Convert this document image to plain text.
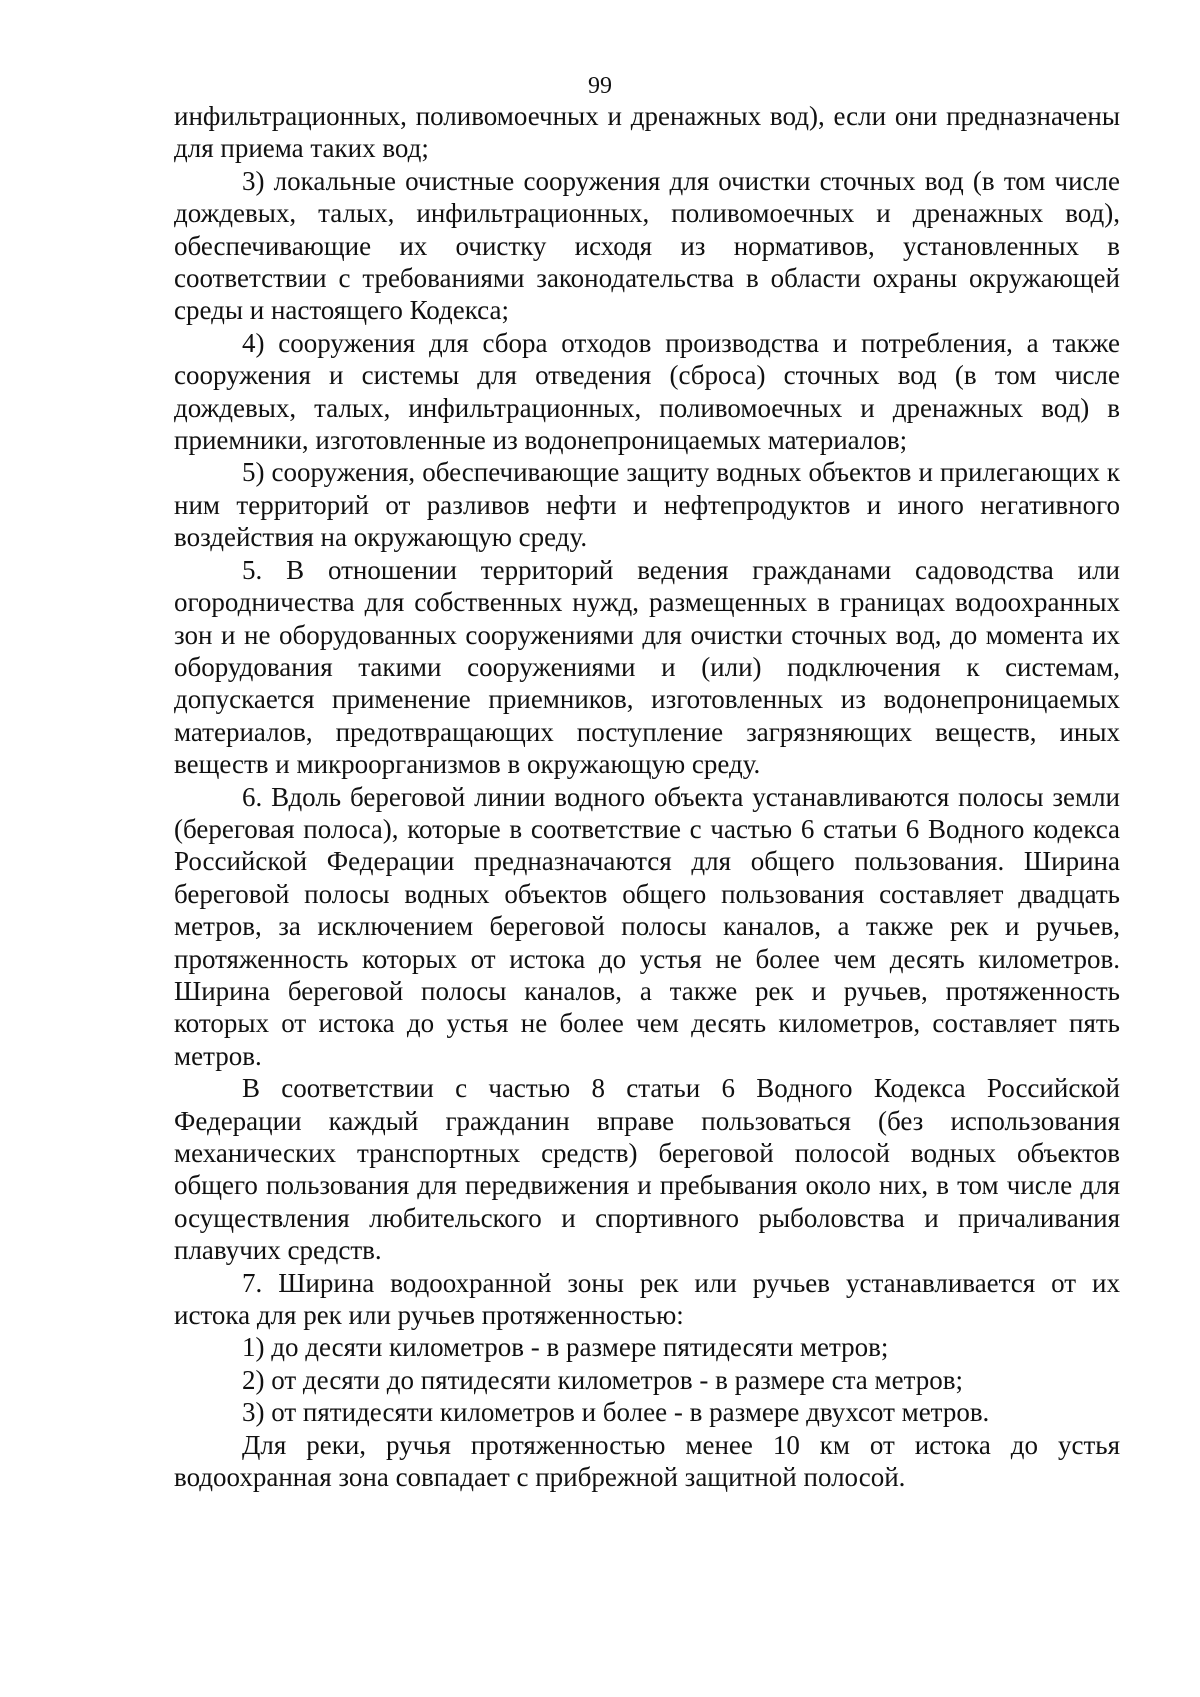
99

инфильтрационных, поливомоечных и дренажных вод), если они предназначены для приема таких вод;

3) локальные очистные сооружения для очистки сточных вод (в том числе дождевых, талых, инфильтрационных, поливомоечных и дренажных вод), обеспечивающие их очистку исходя из нормативов, установленных в соответствии с требованиями законодательства в области охраны окружающей среды и настоящего Кодекса;

4) сооружения для сбора отходов производства и потребления, а также сооружения и системы для отведения (сброса) сточных вод (в том числе дождевых, талых, инфильтрационных, поливомоечных и дренажных вод) в приемники, изготовленные из водонепроницаемых материалов;

5) сооружения, обеспечивающие защиту водных объектов и прилегающих к ним территорий от разливов нефти и нефтепродуктов и иного негативного воздействия на окружающую среду.

5. В отношении территорий ведения гражданами садоводства или огородничества для собственных нужд, размещенных в границах водоохранных зон и не оборудованных сооружениями для очистки сточных вод, до момента их оборудования такими сооружениями и (или) подключения к системам, допускается применение приемников, изготовленных из водонепроницаемых материалов, предотвращающих поступление загрязняющих веществ, иных веществ и микроорганизмов в окружающую среду.

6. Вдоль береговой линии водного объекта устанавливаются полосы земли (береговая полоса), которые в соответствие с частью 6 статьи 6 Водного кодекса Российской Федерации предназначаются для общего пользования. Ширина береговой полосы водных объектов общего пользования составляет двадцать метров, за исключением береговой полосы каналов, а также рек и ручьев, протяженность которых от истока до устья не более чем десять километров. Ширина береговой полосы каналов, а также рек и ручьев, протяженность которых от истока до устья не более чем десять километров, составляет пять метров.

В соответствии с частью 8 статьи 6 Водного Кодекса Российской Федерации каждый гражданин вправе пользоваться (без использования механических транспортных средств) береговой полосой водных объектов общего пользования для передвижения и пребывания около них, в том числе для осуществления любительского и спортивного рыболовства и причаливания плавучих средств.

7. Ширина водоохранной зоны рек или ручьев устанавливается от их истока для рек или ручьев протяженностью:

1) до десяти километров - в размере пятидесяти метров;

2) от десяти до пятидесяти километров - в размере ста метров;

3) от пятидесяти километров и более - в размере двухсот метров.

Для реки, ручья протяженностью менее 10 км от истока до устья водоохранная зона совпадает с прибрежной защитной полосой.
